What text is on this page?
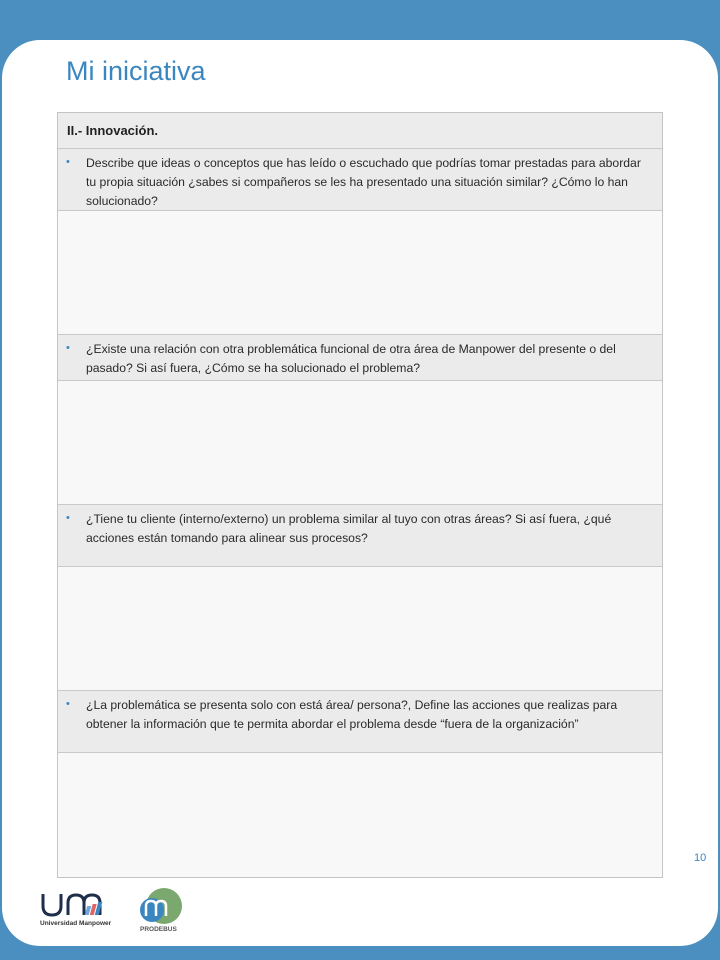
Mi iniciativa
II.- Innovación.
• Describe que ideas o conceptos que has leído o escuchado que podrías tomar prestadas para abordar tu propia situación ¿sabes si compañeros se les ha presentado una situación similar? ¿Cómo lo han solucionado?
• ¿Existe una relación con otra problemática funcional de otra área de Manpower del presente o del pasado? Si así fuera, ¿Cómo se ha solucionado el problema?
• ¿Tiene tu cliente (interno/externo) un problema similar al tuyo con otras áreas? Si así fuera, ¿qué acciones están tomando para alinear sus procesos?
• ¿La problemática se presenta solo con está área/ persona?, Define las acciones que realizas para obtener la información que te permita abordar el problema desde “fuera de la organización”
10
Universidad Manpower
PRODEBUS
